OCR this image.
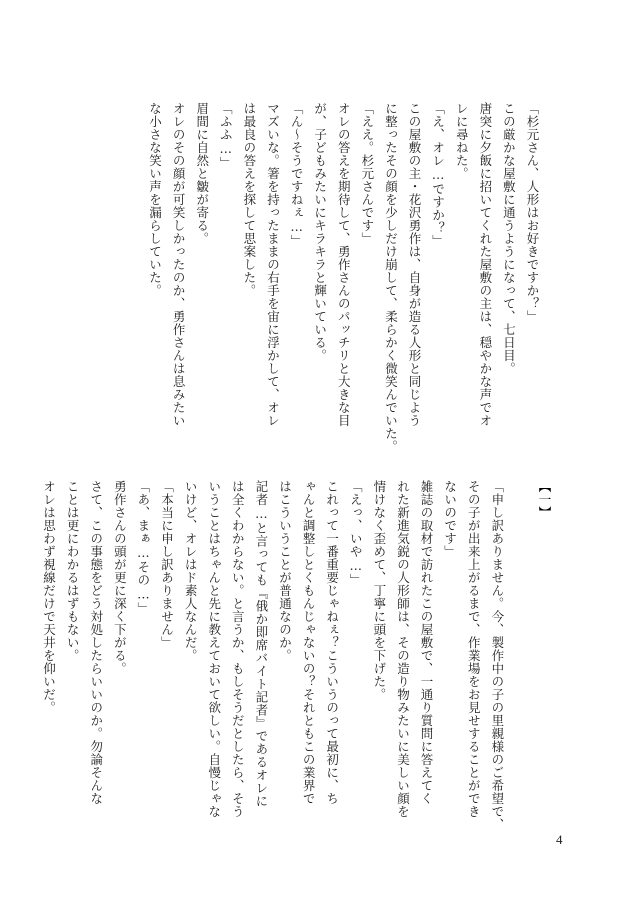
「杉元さん、人形はお好きですか？」

この厳かな屋敷に通うようになって、七日目。

唐突に夕飯に招いてくれた屋敷の主は、穏やかな声でオ

レに尋ねた。

「え、オレ…ですか？」

この屋敷の主・花沢勇作は、自身が造る人形と同じよう

に整ったその顔を少しだけ崩して、柔らかく微笑んでいた。

「ええ。杉元さんです」

オレの答えを期待して、勇作さんのパッチリと大きな目

が、子どもみたいにキラキラと輝いている。

「ん〜そうですねぇ…」

マズいな。箸を持ったままの右手を宙に浮かして、オレ

は最良の答えを探して思案した。

「ふふ…」

眉間に自然と皺が寄る。

オレのその顔が可笑しかったのか、勇作さんは息みたい

な小さな笑い声を漏らしていた。

【一】

「申し訳ありません。今、製作中の子の里親様のご希望で、

その子が出来上がるまで、作業場をお見せすることができ

ないのです」

雑誌の取材で訪れたこの屋敷で、一通り質問に答えてく

れた新進気鋭の人形師は、その造り物みたいに美しい顔を

情けなく歪めて、丁寧に頭を下げた。

「えっ、いや…」

これって一番重要じゃねぇ？こういうのって最初に、ち

ゃんと調整しとくもんじゃないの？それともこの業界で

はこういうことが普通なのか。

記者…と言っても『俄か即席バイト記者』であるオレに

は全くわからない。と言うか、もしそうだとしたら、そう

いうことはちゃんと先に教えておいて欲しい。自慢じゃな

いけど、オレはド素人なんだ。

「本当に申し訳ありません」

「あ、まぁ…その…」

勇作さんの頭が更に深く下がる。

さて、この事態をどう対処したらいいのか。勿論そんな

ことは更にわかるはずもない。

オレは思わず視線だけで天井を仰いだ。

4
